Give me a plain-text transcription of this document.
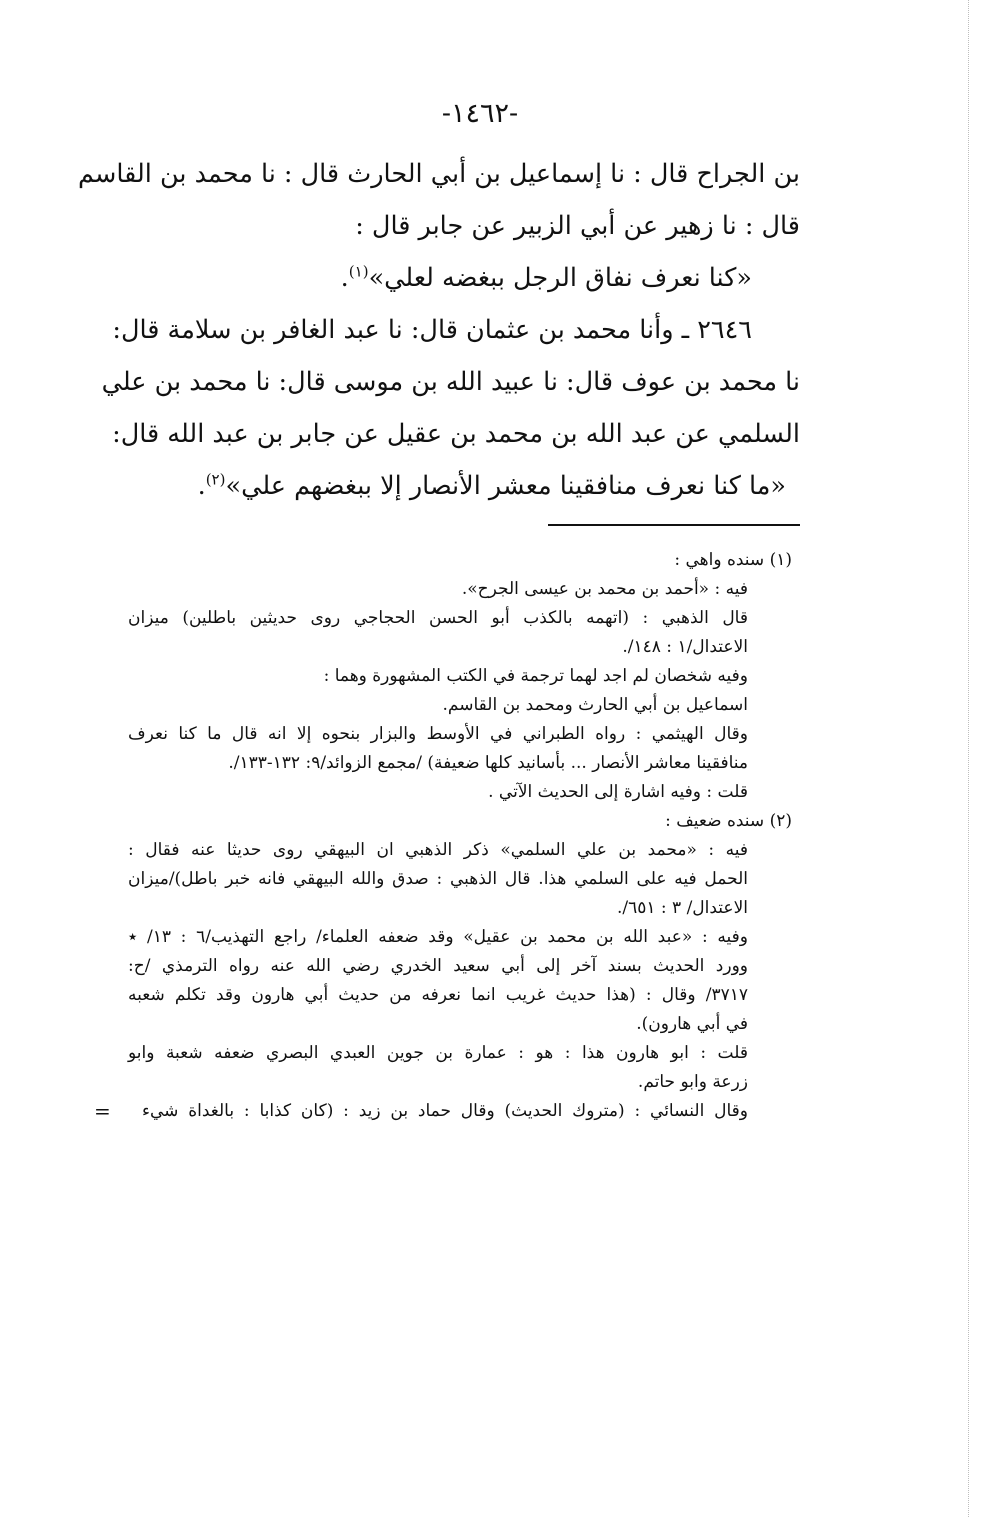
-١٤٦٢-
بن الجراح قال : نا إسماعيل بن أبي الحارث قال : نا محمد بن القاسم
قال : نا زهير عن أبي الزبير عن جابر قال :
«كنا نعرف نفاق الرجل ببغضه لعلي»$^{(١)}$.
٢٦٤٦ ـ وأنا محمد بن عثمان قال: نا عبد الغافر بن سلامة قال:
نا محمد بن عوف قال: نا عبيد الله بن موسى قال: نا محمد بن علي
السلمي عن عبد الله بن محمد بن عقيل عن جابر بن عبد الله قال:
«ما كنا نعرف منافقينا معشر الأنصار إلا ببغضهم علي»$^{(٢)}$.
(١) سنده واهي :
فيه : «أحمد بن محمد بن عيسى الجرح».
قال الذهبي : (اتهمه بالكذب أبو الحسن الحجاجي روى حديثين باطلين) ميزان
الاعتدال/١ : ١٤٨/.
وفيه شخصان لم اجد لهما ترجمة في الكتب المشهورة وهما :
اسماعيل بن أبي الحارث ومحمد بن القاسم.
وقال الهيثمي : رواه الطبراني في الأوسط والبزار بنحوه إلا انه قال ما كنا نعرف
منافقينا معاشر الأنصار ... بأسانيد كلها ضعيفة) /مجمع الزوائد/٩: ١٣٢-١٣٣/.
قلت : وفيه اشارة إلى الحديث الآتي .
(٢) سنده ضعيف :
فيه : «محمد بن علي السلمي» ذكر الذهبي ان البيهقي روى حديثا عنه فقال :
الحمل فيه على السلمي هذا. قال الذهبي : صدق والله البيهقي فانه خبر باطل)/ميزان
الاعتدال/ ٣ : ٦٥١/.
وفيه : «عبد الله بن محمد بن عقيل» وقد ضعفه العلماء/ راجع التهذيب/٦ : ١٣/ ٭
وورد الحديث بسند آخر إلى أبي سعيد الخدري رضي الله عنه رواه الترمذي /ح:
٣٧١٧/ وقال : (هذا حديث غريب انما نعرفه من حديث أبي هارون وقد تكلم شعبه
في أبي هارون).
قلت : ابو هارون هذا : هو : عمارة بن جوين العبدي البصري ضعفه شعبة وابو
زرعة وابو حاتم.
وقال النسائي : (متروك الحديث) وقال حماد بن زيد : (كان كذابا : بالغداة شيء
=
